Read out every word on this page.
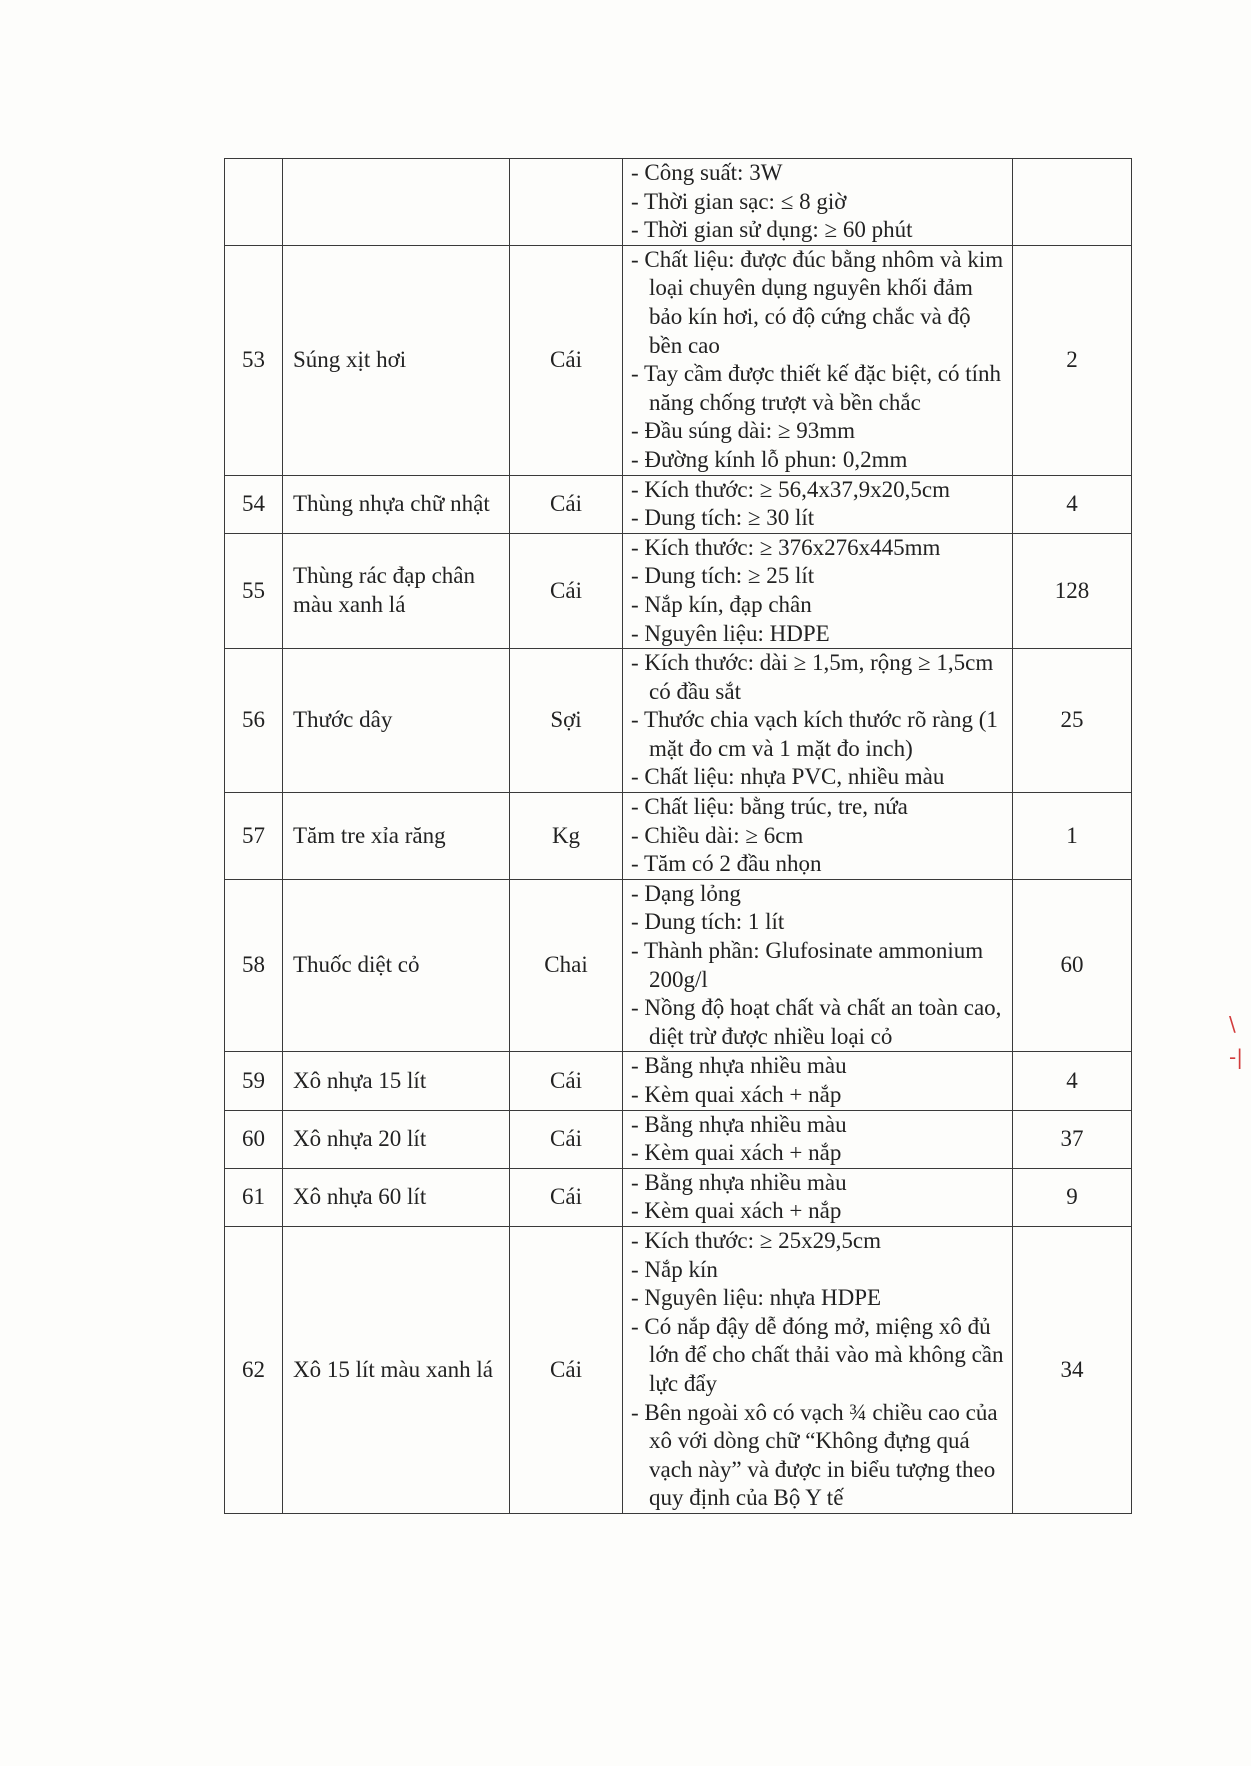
			- Công suất: 3W
- Thời gian sạc: ≤ 8 giờ
- Thời gian sử dụng: ≥ 60 phút	

53	Súng xịt hơi	Cái	- Chất liệu: được đúc bằng nhôm và kim loại chuyên dụng nguyên khối đảm bảo kín hơi, có độ cứng chắc và độ bền cao
- Tay cầm được thiết kế đặc biệt, có tính năng chống trượt và bền chắc
- Đầu súng dài: ≥ 93mm
- Đường kính lỗ phun: 0,2mm	2
54	Thùng nhựa chữ nhật	Cái	- Kích thước: ≥ 56,4x37,9x20,5cm
- Dung tích: ≥ 30 lít	4
55	Thùng rác đạp chân màu xanh lá	Cái	- Kích thước: ≥ 376x276x445mm
- Dung tích: ≥ 25 lít
- Nắp kín, đạp chân
- Nguyên liệu: HDPE	128
56	Thước dây	Sợi	- Kích thước: dài ≥ 1,5m, rộng ≥ 1,5cm có đầu sắt
- Thước chia vạch kích thước rõ ràng (1 mặt đo cm và 1 mặt đo inch)
- Chất liệu: nhựa PVC, nhiều màu	25
57	Tăm tre xỉa răng	Kg	- Chất liệu: bằng trúc, tre, nứa
- Chiều dài: ≥ 6cm
- Tăm có 2 đầu nhọn	1
58	Thuốc diệt cỏ	Chai	- Dạng lỏng
- Dung tích: 1 lít
- Thành phần: Glufosinate ammonium 200g/l
- Nồng độ hoạt chất và chất an toàn cao, diệt trừ được nhiều loại cỏ	60
59	Xô nhựa 15 lít	Cái	- Bằng nhựa nhiều màu
- Kèm quai xách + nắp	4
60	Xô nhựa 20 lít	Cái	- Bằng nhựa nhiều màu
- Kèm quai xách + nắp	37
61	Xô nhựa 60 lít	Cái	- Bằng nhựa nhiều màu
- Kèm quai xách + nắp	9
62	Xô 15 lít màu xanh lá	Cái	- Kích thước: ≥ 25x29,5cm
- Nắp kín
- Nguyên liệu: nhựa HDPE
- Có nắp đậy dễ đóng mở, miệng xô đủ lớn để cho chất thải vào mà không cần lực đẩy
- Bên ngoài xô có vạch ¾ chiều cao của xô với dòng chữ “Không đựng quá vạch này” và được in biểu tượng theo quy định của Bộ Y tế	34
\
-|
